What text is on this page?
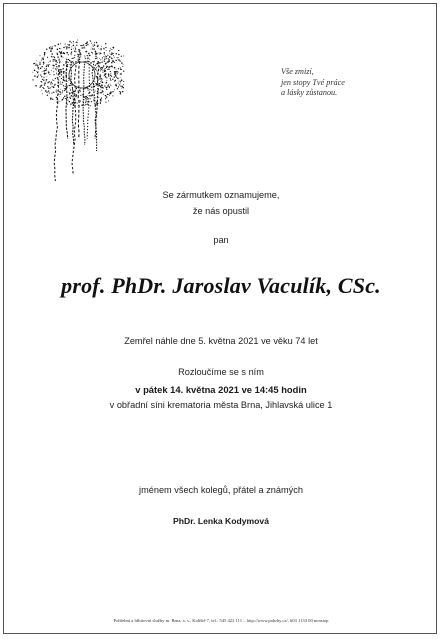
Vše zmizí,
jen stopy Tvé práce
a lásky zůstanou.
Se zármutkem oznamujeme,
že nás opustil
pan
prof. PhDr. Jaroslav Vaculík, CSc.
Zemřel náhle dne 5. května 2021 ve věku 74 let
Rozloučíme se s ním
v pátek 14. května 2021 ve 14:45 hodin
v obřadní síni krematoria města Brna, Jihlavská ulice 1
jménem všech kolegů, přátel a známých
PhDr. Lenka Kodymová
Pohřební a hřbitovní služby m. Brna, a. s., Kolíště 7, tel.: 545 422 111 – http://www.pohrby.cz/, 603 1133 00 nonstop
